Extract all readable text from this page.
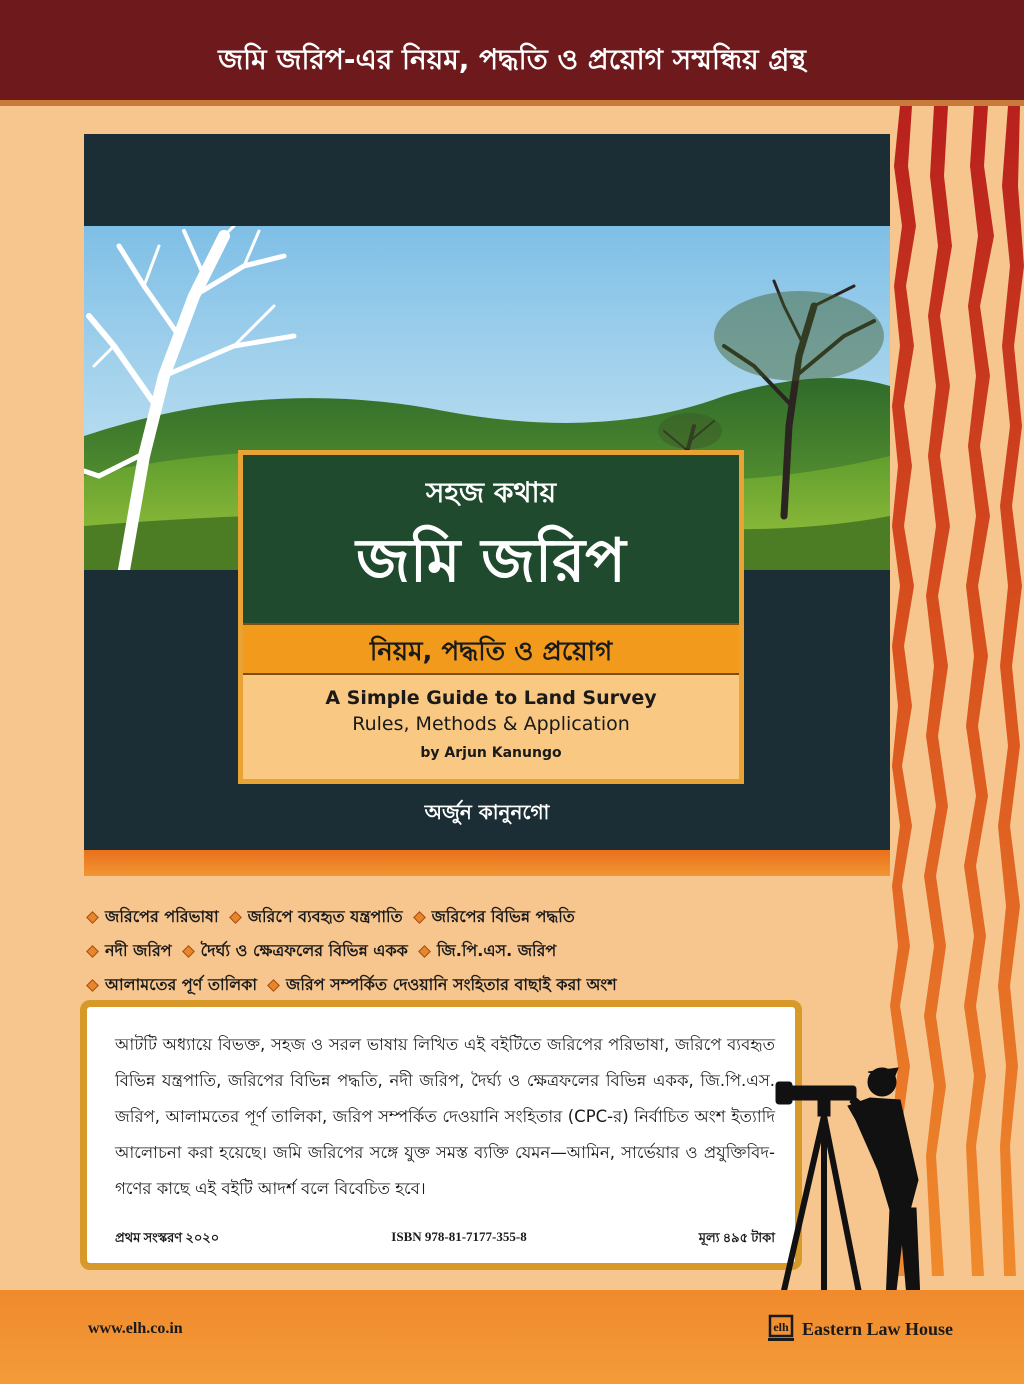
জমি জরিপ-এর নিয়ম, পদ্ধতি ও প্রয়োগ সম্মন্ধিয় গ্রন্থ
সহজ কথায়
জমি জরিপ
নিয়ম, পদ্ধতি ও প্রয়োগ
A Simple Guide to Land Survey
Rules, Methods & Application
by Arjun Kanungo
অর্জুন কানুনগো
জরিপের পরিভাষা জরিপে ব্যবহৃত যন্ত্রপাতি জরিপের বিভিন্ন পদ্ধতি
নদী জরিপ দৈর্ঘ্য ও ক্ষেত্রফলের বিভিন্ন একক জি.পি.এস. জরিপ
আলামতের পূর্ণ তালিকা জরিপ সম্পর্কিত দেওয়ানি সংহিতার বাছাই করা অংশ
আটটি অধ্যায়ে বিভক্ত, সহজ ও সরল ভাষায় লিখিত এই বইটিতে জরিপের পরিভাষা, জরিপে ব্যবহৃত বিভিন্ন যন্ত্রপাতি, জরিপের বিভিন্ন পদ্ধতি, নদী জরিপ, দৈর্ঘ্য ও ক্ষেত্রফলের বিভিন্ন একক, জি.পি.এস. জরিপ, আলামতের পূর্ণ তালিকা, জরিপ সম্পর্কিত দেওয়ানি সংহিতার (CPC-র) নির্বাচিত অংশ ইত্যাদি আলোচনা করা হয়েছে। জমি জরিপের সঙ্গে যুক্ত সমস্ত ব্যক্তি যেমন—আমিন, সার্ভেয়ার ও প্রযুক্তিবিদ-গণের কাছে এই বইটি আদর্শ বলে বিবেচিত হবে।
প্রথম সংস্করণ ২০২০	ISBN 978-81-7177-355-8	মূল্য ৪৯৫ টাকা
www.elh.co.in	elh Eastern Law House
